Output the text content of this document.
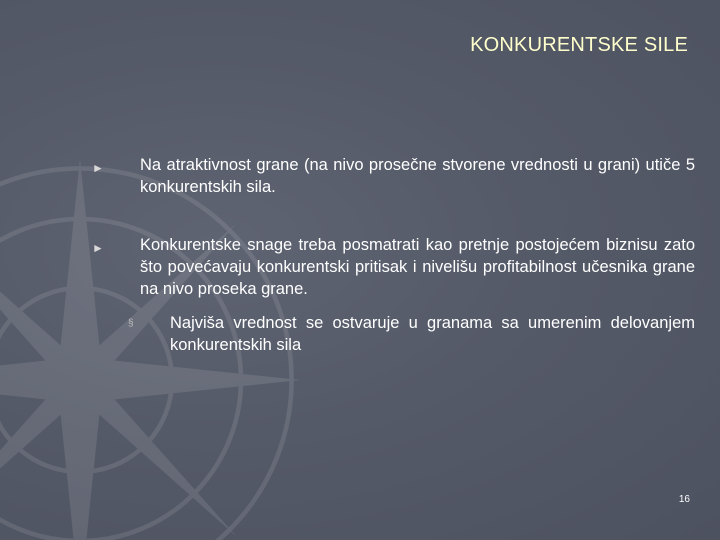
KONKURENTSKE SILE
► Na atraktivnost grane (na nivo prosečne stvorene vrednosti u grani) utiče 5 konkurentskih sila.
► Konkurentske snage treba posmatrati kao pretnje postojećem biznisu zato što povećavaju konkurentski pritisak i nivelišu profitabilnost učesnika grane na nivo proseka grane.
§ Najviša vrednost se ostvaruje u granama sa umerenim delovanjem konkurentskih sila
16
